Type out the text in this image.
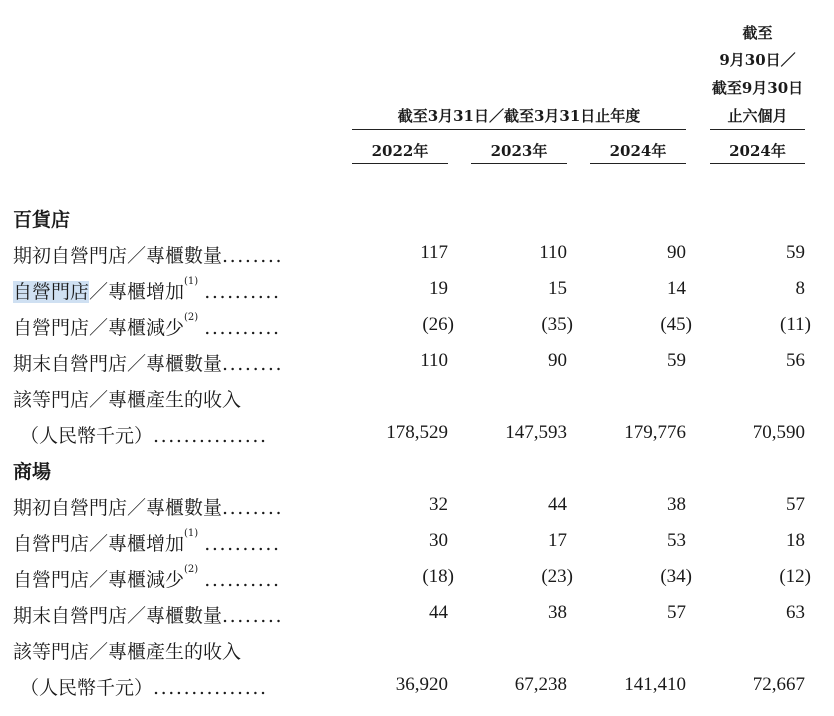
截至
9月30日／
截至9月30日
止六個月
截至3月31日／截至3月31日止年度
2022年	2023年	2024年	2024年
百貨店
期初自營門店／專櫃數量........	117	110	90	59
自營門店／專櫃增加$^{(1)}$ ..........	19	15	14	8
自營門店／專櫃減少$^{(2)}$ ..........	(26)	(35)	(45)	(11)
期末自營門店／專櫃數量........	110	90	59	56
該等門店／專櫃產生的收入
（人民幣千元）...............	178,529	147,593	179,776	70,590
商場
期初自營門店／專櫃數量........	32	44	38	57
自營門店／專櫃增加$^{(1)}$ ..........	30	17	53	18
自營門店／專櫃減少$^{(2)}$ ..........	(18)	(23)	(34)	(12)
期末自營門店／專櫃數量........	44	38	57	63
該等門店／專櫃產生的收入
（人民幣千元）...............	36,920	67,238	141,410	72,667
